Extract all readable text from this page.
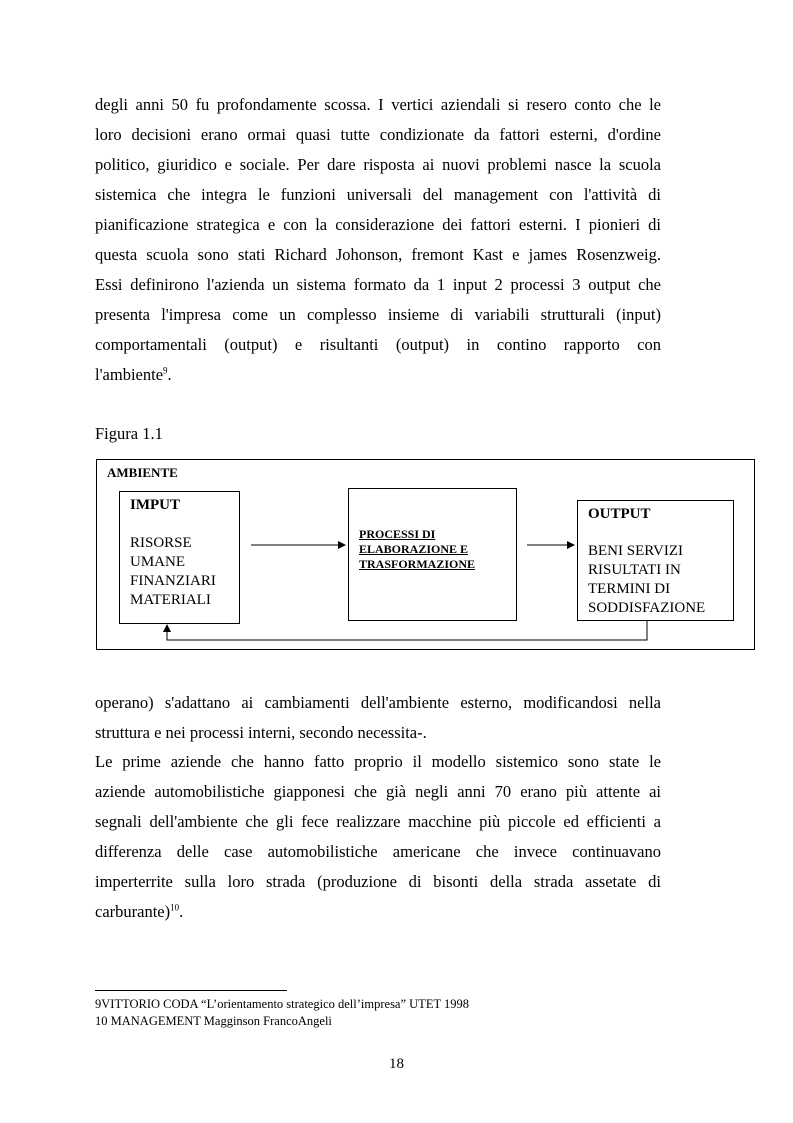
degli anni 50 fu profondamente scossa. I vertici aziendali si resero conto che le
loro decisioni erano ormai quasi tutte condizionate da fattori esterni, d'ordine
politico, giuridico e sociale. Per dare risposta ai nuovi problemi nasce la scuola
sistemica che integra le funzioni universali del management con l'attività di
pianificazione strategica e con la considerazione dei fattori esterni. I pionieri di
questa scuola sono stati Richard Johonson, fremont Kast e james Rosenzweig.
Essi definirono l'azienda un sistema formato da 1 input 2 processi 3 output che
presenta l'impresa come un complesso insieme di variabili strutturali (input)
comportamentali (output) e risultanti (output) in contino rapporto con
l'ambiente$^9$.
Figura 1.1
AMBIENTE
IMPUT
RISORSE
UMANE
FINANZIARI
MATERIALI
PROCESSI DI
ELABORAZIONE E
TRASFORMAZIONE
OUTPUT
BENI SERVIZI
RISULTATI IN
TERMINI DI
SODDISFAZIONE
operano) s'adattano ai cambiamenti dell'ambiente esterno, modificandosi nella
struttura e nei processi interni, secondo necessita-.
Le prime aziende che hanno fatto proprio il modello sistemico sono state le
aziende automobilistiche giapponesi che già negli anni 70 erano più attente ai
segnali dell'ambiente che gli fece realizzare macchine più piccole ed efficienti a
differenza delle case automobilistiche americane che invece continuavano
imperterrite sulla loro strada (produzione di bisonti della strada assetate di
carburante)$^{10}$.
9VITTORIO CODA “L’orientamento strategico dell’impresa” UTET 1998
10 MANAGEMENT Magginson FrancoAngeli
18
